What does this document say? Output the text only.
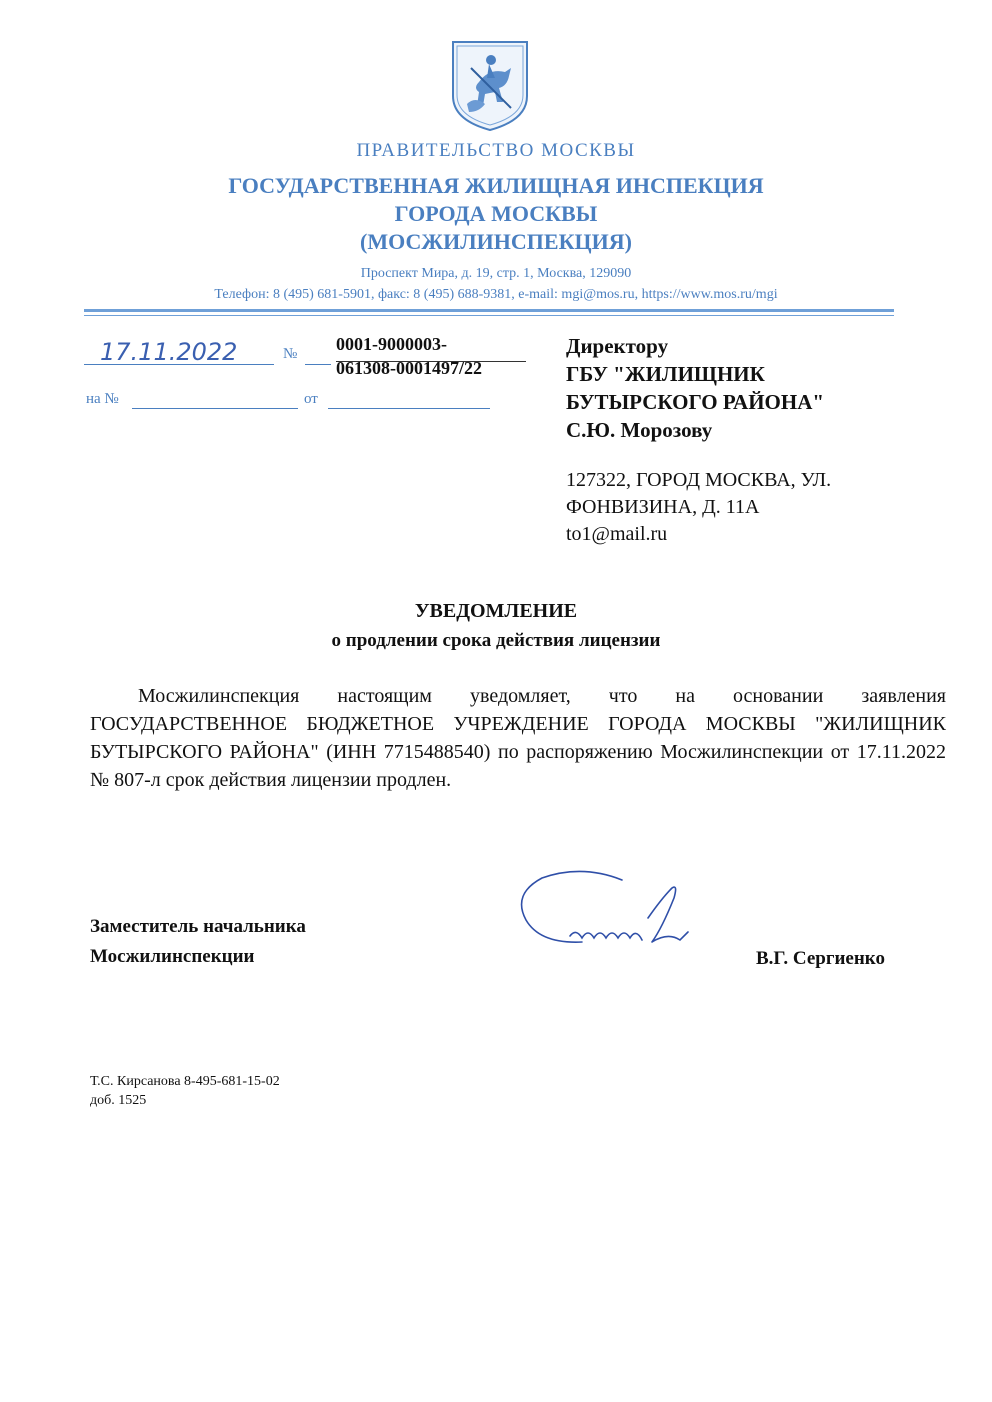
ПРАВИТЕЛЬСТВО МОСКВЫ
ГОСУДАРСТВЕННАЯ ЖИЛИЩНАЯ ИНСПЕКЦИЯ
ГОРОДА МОСКВЫ
(МОСЖИЛИНСПЕКЦИЯ)
Проспект Мира, д. 19, стр. 1, Москва, 129090
Телефон: 8 (495) 681-5901, факс: 8 (495) 688-9381, e-mail: mgi@mos.ru, https://www.mos.ru/mgi
17.11.2022	№ 0001-9000003-
061308-0001497/22
на №	от
Директору
ГБУ "ЖИЛИЩНИК
БУТЫРСКОГО РАЙОНА"
С.Ю. Морозову
127322, ГОРОД МОСКВА, УЛ.
ФОНВИЗИНА, Д. 11А
to1@mail.ru
УВЕДОМЛЕНИЕ
о продлении срока действия лицензии
Мосжилинспекция настоящим уведомляет, что на основании заявления ГОСУДАРСТВЕННОЕ БЮДЖЕТНОЕ УЧРЕЖДЕНИЕ ГОРОДА МОСКВЫ "ЖИЛИЩНИК БУТЫРСКОГО РАЙОНА" (ИНН 7715488540) по распоряжению Мосжилинспекции от 17.11.2022 № 807-л срок действия лицензии продлен.
Заместитель начальника
Мосжилинспекции	В.Г. Сергиенко
Т.С. Кирсанова 8-495-681-15-02
доб. 1525
